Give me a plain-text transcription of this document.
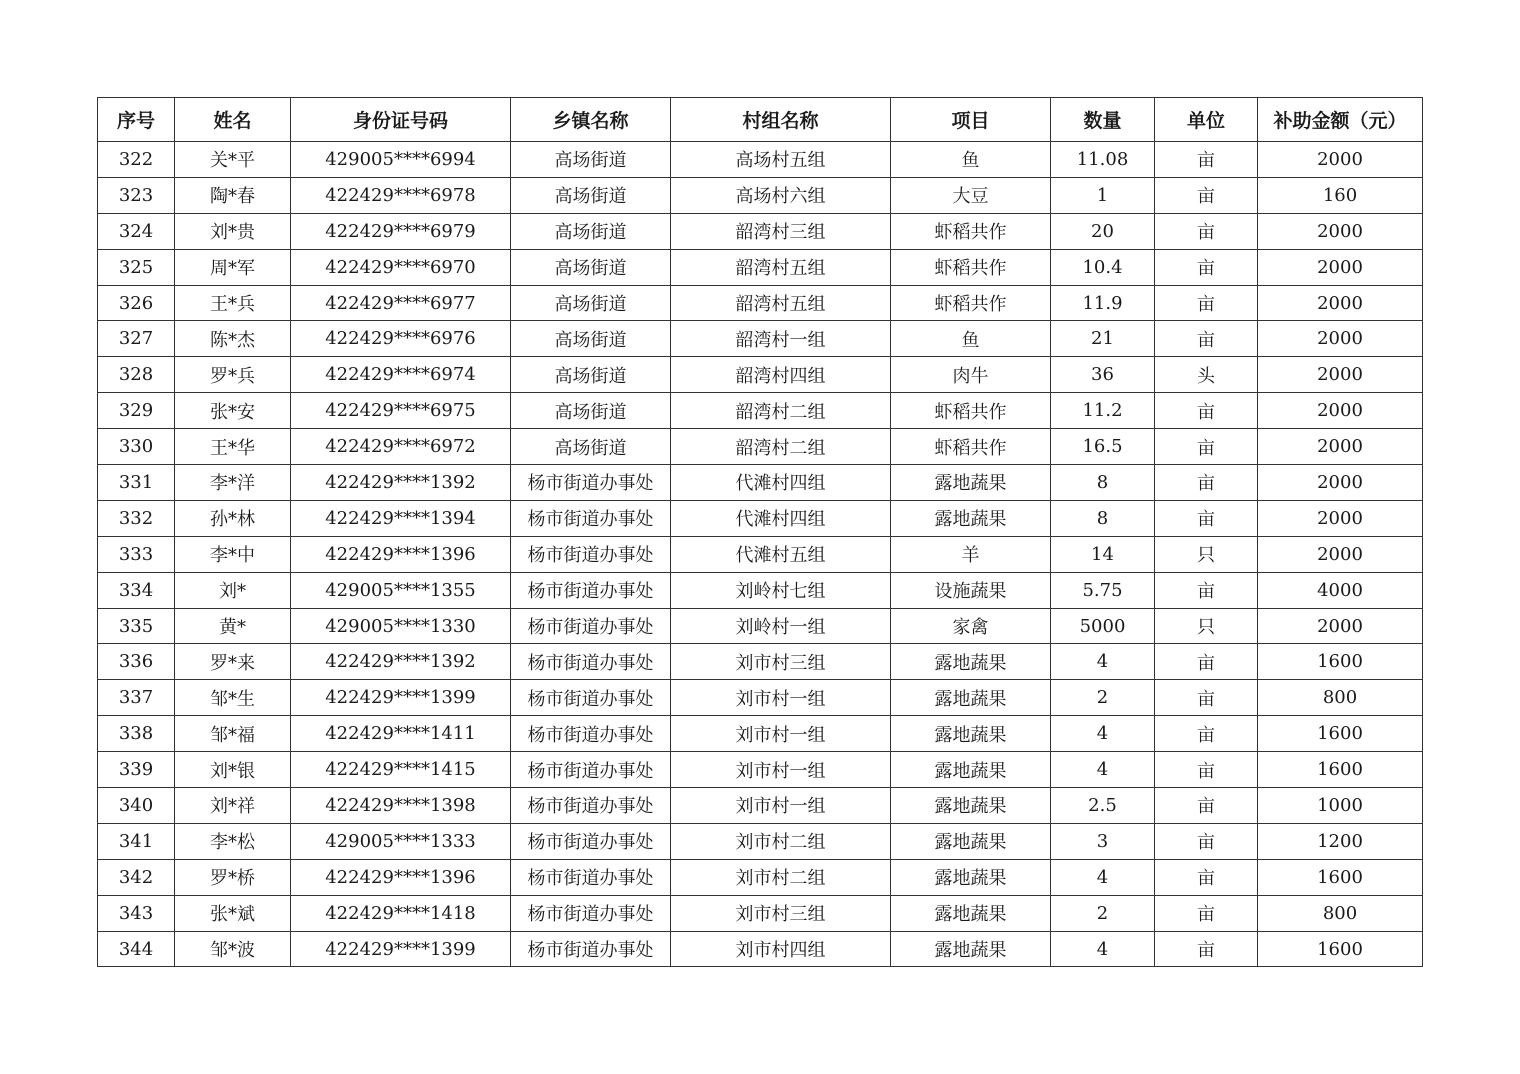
序号	姓名	身份证号码	乡镇名称	村组名称	项目	数量	单位	补助金额（元）
322	关*平	429005****6994	高场街道	高场村五组	鱼	11.08	亩	2000
323	陶*春	422429****6978	高场街道	高场村六组	大豆	1	亩	160
324	刘*贵	422429****6979	高场街道	韶湾村三组	虾稻共作	20	亩	2000
325	周*军	422429****6970	高场街道	韶湾村五组	虾稻共作	10.4	亩	2000
326	王*兵	422429****6977	高场街道	韶湾村五组	虾稻共作	11.9	亩	2000
327	陈*杰	422429****6976	高场街道	韶湾村一组	鱼	21	亩	2000
328	罗*兵	422429****6974	高场街道	韶湾村四组	肉牛	36	头	2000
329	张*安	422429****6975	高场街道	韶湾村二组	虾稻共作	11.2	亩	2000
330	王*华	422429****6972	高场街道	韶湾村二组	虾稻共作	16.5	亩	2000
331	李*洋	422429****1392	杨市街道办事处	代滩村四组	露地蔬果	8	亩	2000
332	孙*林	422429****1394	杨市街道办事处	代滩村四组	露地蔬果	8	亩	2000
333	李*中	422429****1396	杨市街道办事处	代滩村五组	羊	14	只	2000
334	刘*	429005****1355	杨市街道办事处	刘岭村七组	设施蔬果	5.75	亩	4000
335	黄*	429005****1330	杨市街道办事处	刘岭村一组	家禽	5000	只	2000
336	罗*来	422429****1392	杨市街道办事处	刘市村三组	露地蔬果	4	亩	1600
337	邹*生	422429****1399	杨市街道办事处	刘市村一组	露地蔬果	2	亩	800
338	邹*福	422429****1411	杨市街道办事处	刘市村一组	露地蔬果	4	亩	1600
339	刘*银	422429****1415	杨市街道办事处	刘市村一组	露地蔬果	4	亩	1600
340	刘*祥	422429****1398	杨市街道办事处	刘市村一组	露地蔬果	2.5	亩	1000
341	李*松	429005****1333	杨市街道办事处	刘市村二组	露地蔬果	3	亩	1200
342	罗*桥	422429****1396	杨市街道办事处	刘市村二组	露地蔬果	4	亩	1600
343	张*斌	422429****1418	杨市街道办事处	刘市村三组	露地蔬果	2	亩	800
344	邹*波	422429****1399	杨市街道办事处	刘市村四组	露地蔬果	4	亩	1600
